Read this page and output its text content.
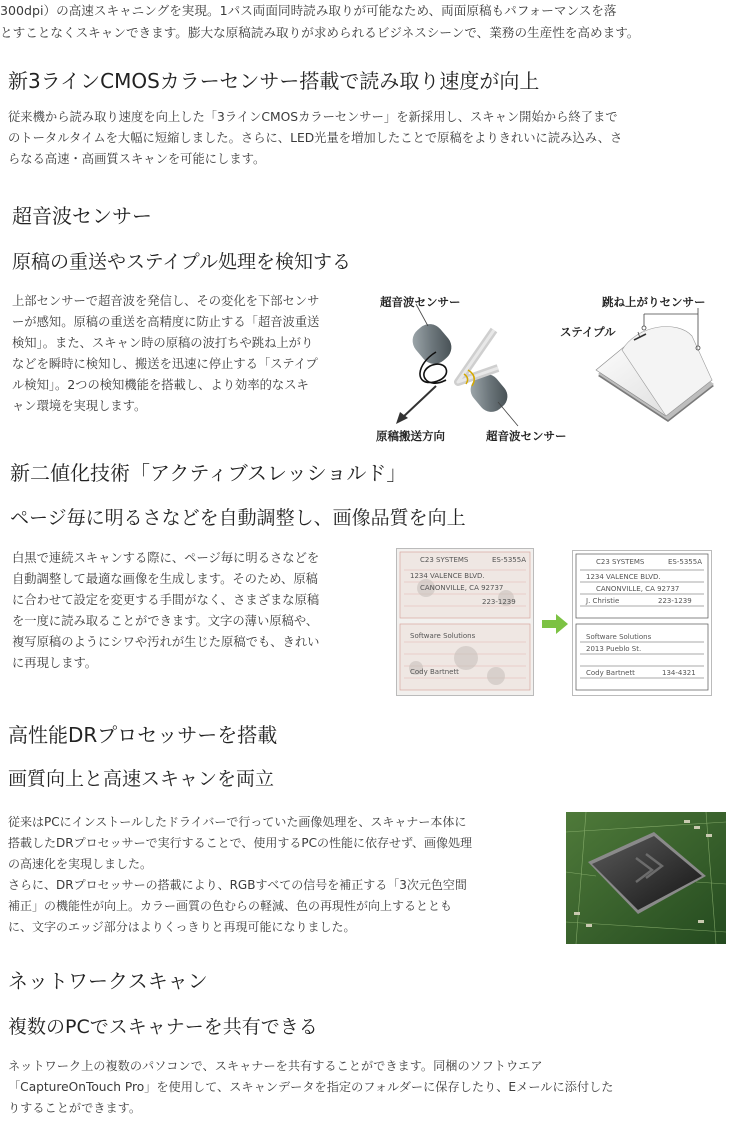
300dpi）の高速スキャニングを実現。1パス両面同時読み取りが可能なため、両面原稿もパフォーマンスを落

とすことなくスキャンできます。膨大な原稿読み取りが求められるビジネスシーンで、業務の生産性を高めます。

新3ラインCMOSカラーセンサー搭載で読み取り速度が向上

従来機から読み取り速度を向上した「3ラインCMOSカラーセンサー」を新採用し、スキャン開始から終了まで

のトータルタイムを大幅に短縮しました。さらに、LED光量を増加したことで原稿をよりきれいに読み込み、さ

らなる高速・高画質スキャンを可能にします。

超音波センサー
原稿の重送やステイプル処理を検知する

上部センサーで超音波を発信し、その変化を下部センサ

ーが感知。原稿の重送を高精度に防止する「超音波重送

検知」。また、スキャン時の原稿の波打ちや跳ね上がり

などを瞬時に検知し、搬送を迅速に停止する「ステイプ

ル検知」。2つの検知機能を搭載し、より効率的なスキ

ャン環境を実現します。

超音波センサー	跳ね上がりセンサー
ステイプル
原稿搬送方向	超音波センサー
新二値化技術「アクティブスレッショルド」
ページ毎に明るさなどを自動調整し、画像品質を向上

白黒で連続スキャンする際に、ページ毎に明るさなどを

自動調整して最適な画像を生成します。そのため、原稿

に合わせて設定を変更する手間がなく、さまざまな原稿

を一度に読み取ることができます。文字の薄い原稿や、

複写原稿のようにシワや汚れが生じた原稿でも、きれい

に再現します。

C23 SYSTEMS	ES-5355A
1234 VALENCE BLVD.
CANONVILLE, CA 92737
223-1239
Software Solutions
Cody Bartnett
C23 SYSTEMS	ES-5355A
1234 VALENCE BLVD.
CANONVILLE, CA 92737
J. Christie	223-1239
Software Solutions
2013 Pueblo St.
Cody Bartnett	134-4321
高性能DRプロセッサーを搭載
画質向上と高速スキャンを両立

従来はPCにインストールしたドライバーで行っていた画像処理を、スキャナー本体に

搭載したDRプロセッサーで実行することで、使用するPCの性能に依存せず、画像処理

の高速化を実現しました。

さらに、DRプロセッサーの搭載により、RGBすべての信号を補正する「3次元色空間

補正」の機能性が向上。カラー画質の色むらの軽減、色の再現性が向上するととも

に、文字のエッジ部分はよりくっきりと再現可能になりました。

ネットワークスキャン
複数のPCでスキャナーを共有できる

ネットワーク上の複数のパソコンで、スキャナーを共有することができます。同梱のソフトウエア

「CaptureOnTouch Pro」を使用して、スキャンデータを指定のフォルダーに保存したり、Eメールに添付した

りすることができます。
